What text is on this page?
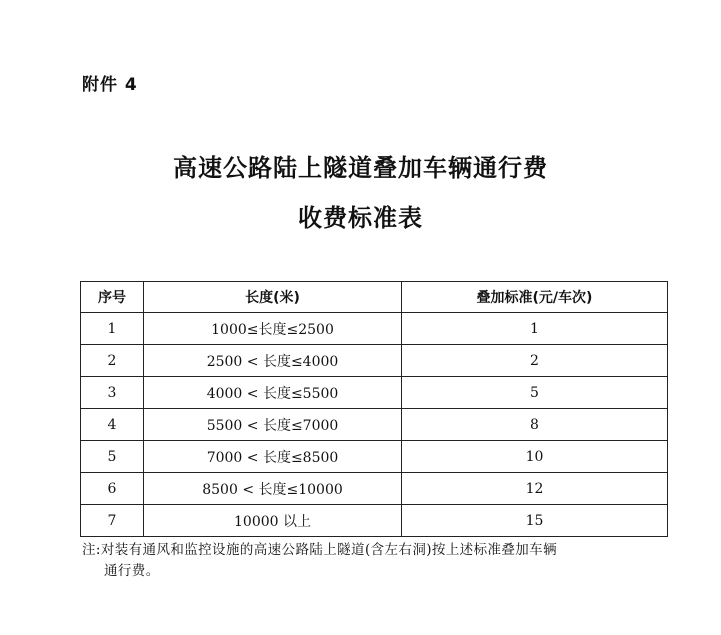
附件 4
高速公路陆上隧道叠加车辆通行费
收费标准表
序号	长度(米)	叠加标准(元/车次)
1	1000≤长度≤2500	1
2	2500 < 长度≤4000	2
3	4000 < 长度≤5500	5
4	5500 < 长度≤7000	8
5	7000 < 长度≤8500	10
6	8500 < 长度≤10000	12
7	10000 以上	15
注:对装有通风和监控设施的高速公路陆上隧道(含左右洞)按上述标准叠加车辆
通行费。
